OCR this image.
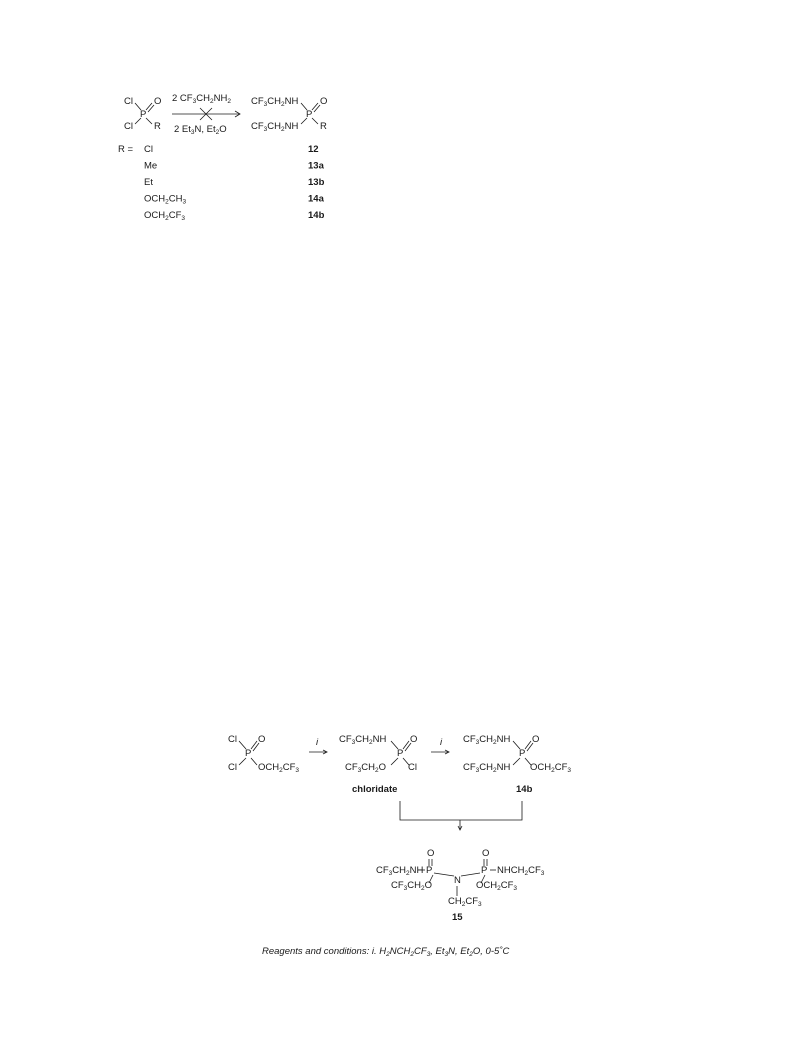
Cl
Cl
P
O
R
2 $CF_3CH_2NH_2$
2 $Et_3N$, $Et_2O$
$CF_3CH_2NH$
$CF_3CH_2NH$
P
O
R
R = Cl	12
Me	13a
Et	13b
$OCH_2CH_3$	14a
$OCH_2CF_3$	14b
Cl
Cl
P
O
$OCH_2CF_3$
i $CF_3CH_2NH$
$CF_3CH_2O$
P
O
Cl
chloridate
i $CF_3CH_2NH$
$CF_3CH_2NH$
P
O
$OCH_2CF_3$
14b
O	O
$CF_3CH_2NH$ P	P $NHCH_2CF_3$
$CF_3CH_2O$	$OCH_2CF_3$
N
$CH_2CF_3$
15
Reagents and conditions: i. $H_2NCH_2CF_3$, $Et_3N$, $Et_2O$, 0-5˚C
